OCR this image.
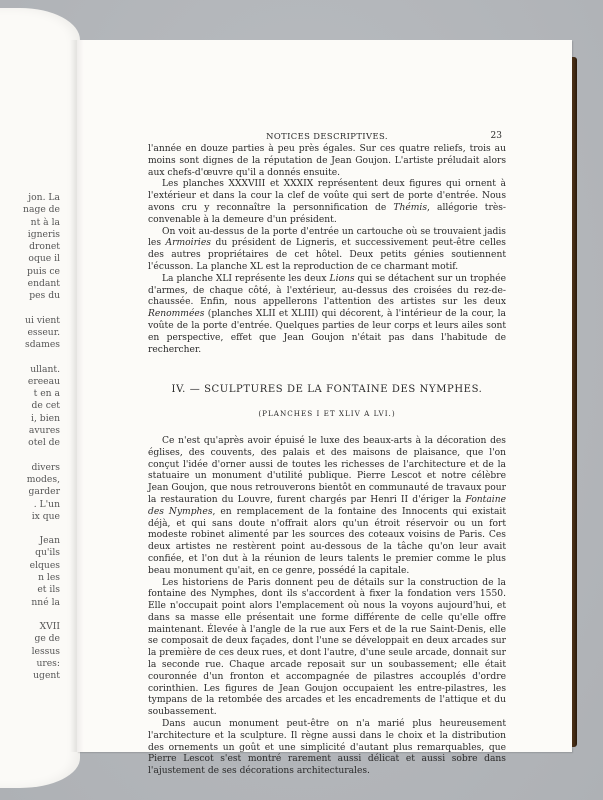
jon. La
nage de
nt à la
igneris
dronet
oque il
puis ce
endant
pes du
ui vient
esseur.
sdames
ullant.
ereeau
t en a
de cet
i, bien
avures
otel de
divers
modes,
garder
. L'un
ix que
Jean
qu'ils
elques
n les
et ils
nné la
XVII
ge de
lessus
ures:
ugent
NOTICES DESCRIPTIVES.	23

l'année en douze parties à peu près égales. Sur ces quatre reliefs, trois au moins sont dignes de la réputation de Jean Goujon. L'artiste préludait alors aux chefs-d'œuvre qu'il a donnés ensuite.

Les planches XXXVIII et XXXIX représentent deux figures qui ornent à l'extérieur et dans la cour la clef de voûte qui sert de porte d'entrée. Nous avons cru y reconnaître la personnification de Thémis, allégorie très-convenable à la demeure d'un président.

On voit au-dessus de la porte d'entrée un cartouche où se trouvaient jadis les Armoiries du président de Ligneris, et successivement peut-être celles des autres propriétaires de cet hôtel. Deux petits génies soutiennent l'écusson. La planche XL est la reproduction de ce charmant motif.

La planche XLI représente les deux Lions qui se détachent sur un trophée d'armes, de chaque côté, à l'extérieur, au-dessus des croisées du rez-de-chaussée. Enfin, nous appellerons l'attention des artistes sur les deux Renommées (planches XLII et XLIII) qui décorent, à l'intérieur de la cour, la voûte de la porte d'entrée. Quelques parties de leur corps et leurs ailes sont en perspective, effet que Jean Goujon n'était pas dans l'habitude de rechercher.

IV. — SCULPTURES DE LA FONTAINE DES NYMPHES.
(PLANCHES I ET XLIV A LVI.)

Ce n'est qu'après avoir épuisé le luxe des beaux-arts à la décoration des églises, des couvents, des palais et des maisons de plaisance, que l'on conçut l'idée d'orner aussi de toutes les richesses de l'architecture et de la statuaire un monument d'utilité publique. Pierre Lescot et notre célèbre Jean Goujon, que nous retrouverons bientôt en communauté de travaux pour la restauration du Louvre, furent chargés par Henri II d'ériger la Fontaine des Nymphes, en remplacement de la fontaine des Innocents qui existait déjà, et qui sans doute n'offrait alors qu'un étroit réservoir ou un fort modeste robinet alimenté par les sources des coteaux voisins de Paris. Ces deux artistes ne restèrent point au-dessous de la tâche qu'on leur avait confiée, et l'on dut à la réunion de leurs talents le premier comme le plus beau monument qu'ait, en ce genre, possédé la capitale.

Les historiens de Paris donnent peu de détails sur la construction de la fontaine des Nymphes, dont ils s'accordent à fixer la fondation vers 1550. Elle n'occupait point alors l'emplacement où nous la voyons aujourd'hui, et dans sa masse elle présentait une forme différente de celle qu'elle offre maintenant. Élevée à l'angle de la rue aux Fers et de la rue Saint-Denis, elle se composait de deux façades, dont l'une se développait en deux arcades sur la première de ces deux rues, et dont l'autre, d'une seule arcade, donnait sur la seconde rue. Chaque arcade reposait sur un soubassement; elle était couronnée d'un fronton et accompagnée de pilastres accouplés d'ordre corinthien. Les figures de Jean Goujon occupaient les entre-pilastres, les tympans de la retombée des arcades et les encadrements de l'attique et du soubassement.

Dans aucun monument peut-être on n'a marié plus heureusement l'architecture et la sculpture. Il règne aussi dans le choix et la distribution des ornements un goût et une simplicité d'autant plus remarquables, que Pierre Lescot s'est montré rarement aussi délicat et aussi sobre dans l'ajustement de ses décorations architecturales.
